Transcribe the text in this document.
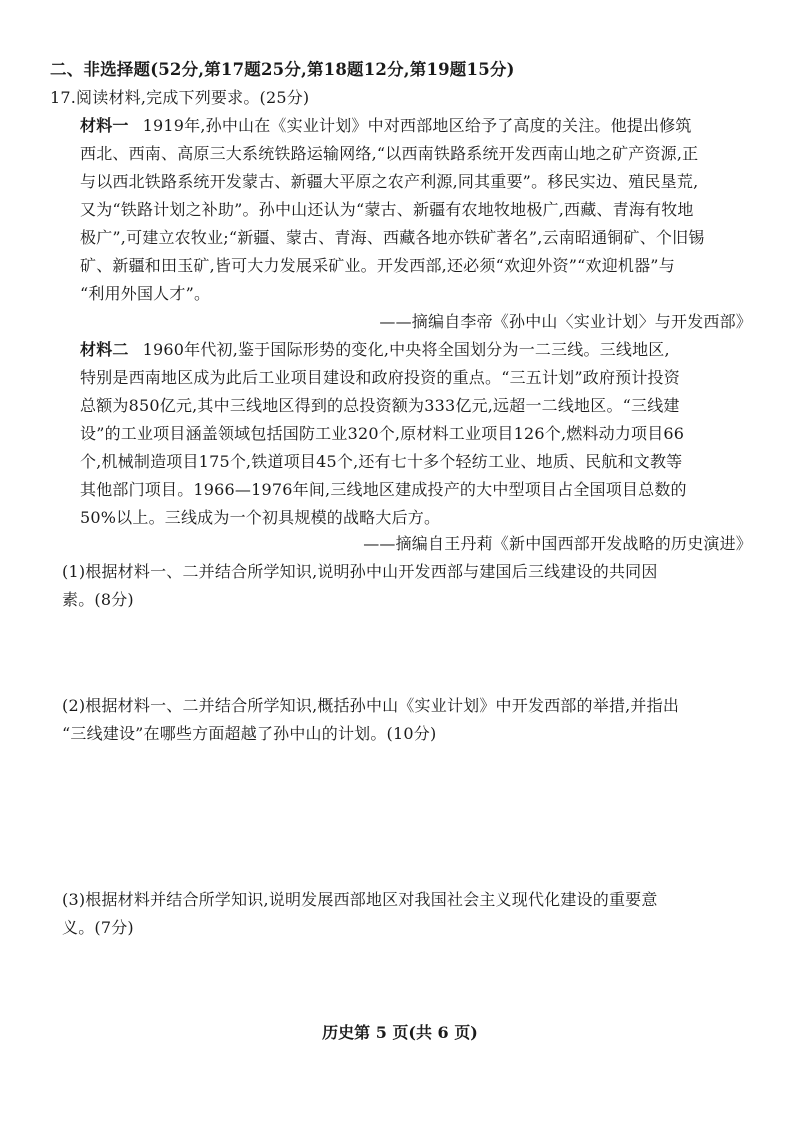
二、非选择题(52分,第17题25分,第18题12分,第19题15分)
17.阅读材料,完成下列要求。(25分)
材料一 1919年,孙中山在《实业计划》中对西部地区给予了高度的关注。他提出修筑
西北、西南、高原三大系统铁路运输网络,“以西南铁路系统开发西南山地之矿产资源,正
与以西北铁路系统开发蒙古、新疆大平原之农产利源,同其重要”。移民实边、殖民垦荒,
又为“铁路计划之补助”。孙中山还认为“蒙古、新疆有农地牧地极广,西藏、青海有牧地
极广”,可建立农牧业;“新疆、蒙古、青海、西藏各地亦铁矿著名”,云南昭通铜矿、个旧锡
矿、新疆和田玉矿,皆可大力发展采矿业。开发西部,还必须“欢迎外资”“欢迎机器”与
“利用外国人才”。
——摘编自李帝《孙中山〈实业计划〉与开发西部》
材料二 1960年代初,鉴于国际形势的变化,中央将全国划分为一二三线。三线地区,
特别是西南地区成为此后工业项目建设和政府投资的重点。“三五计划”政府预计投资
总额为850亿元,其中三线地区得到的总投资额为333亿元,远超一二线地区。“三线建
设”的工业项目涵盖领域包括国防工业320个,原材料工业项目126个,燃料动力项目66
个,机械制造项目175个,铁道项目45个,还有七十多个轻纺工业、地质、民航和文教等
其他部门项目。1966—1976年间,三线地区建成投产的大中型项目占全国项目总数的
50%以上。三线成为一个初具规模的战略大后方。
——摘编自王丹莉《新中国西部开发战略的历史演进》
(1)根据材料一、二并结合所学知识,说明孙中山开发西部与建国后三线建设的共同因
素。(8分)
(2)根据材料一、二并结合所学知识,概括孙中山《实业计划》中开发西部的举措,并指出
“三线建设”在哪些方面超越了孙中山的计划。(10分)
(3)根据材料并结合所学知识,说明发展西部地区对我国社会主义现代化建设的重要意
义。(7分)
历史第 5 页(共 6 页)
